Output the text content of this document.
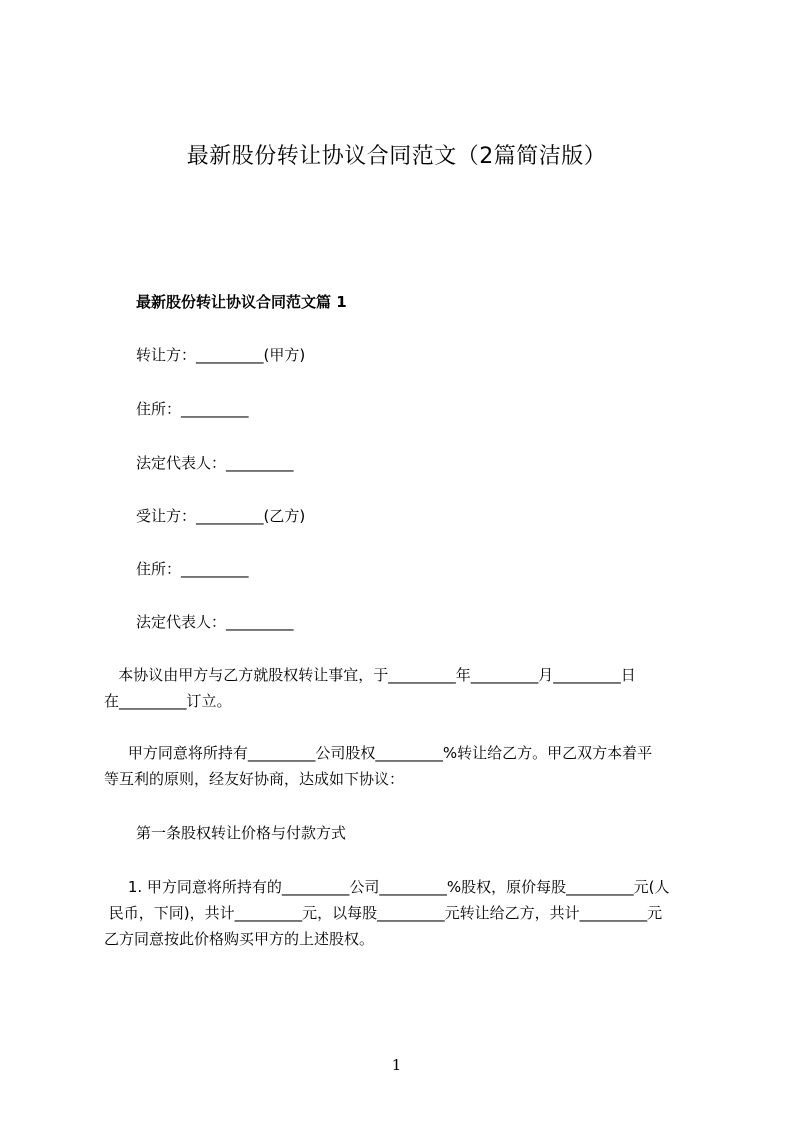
最新股份转让协议合同范文（2篇简洁版）
最新股份转让协议合同范文篇 1
转让方：_________(甲方)
住所：_________
法定代表人：_________
受让方：_________(乙方)
住所：_________
法定代表人：_________
本协议由甲方与乙方就股权转让事宜，于_________年_________月_________日
在_________订立。
甲方同意将所持有_________公司股权_________%转让给乙方。甲乙双方本着平
等互利的原则，经友好协商，达成如下协议：
第一条股权转让价格与付款方式
1. 甲方同意将所持有的_________公司_________%股权，原价每股_________元(人
民币，下同)，共计_________元，以每股_________元转让给乙方，共计_________元
乙方同意按此价格购买甲方的上述股权。
1
